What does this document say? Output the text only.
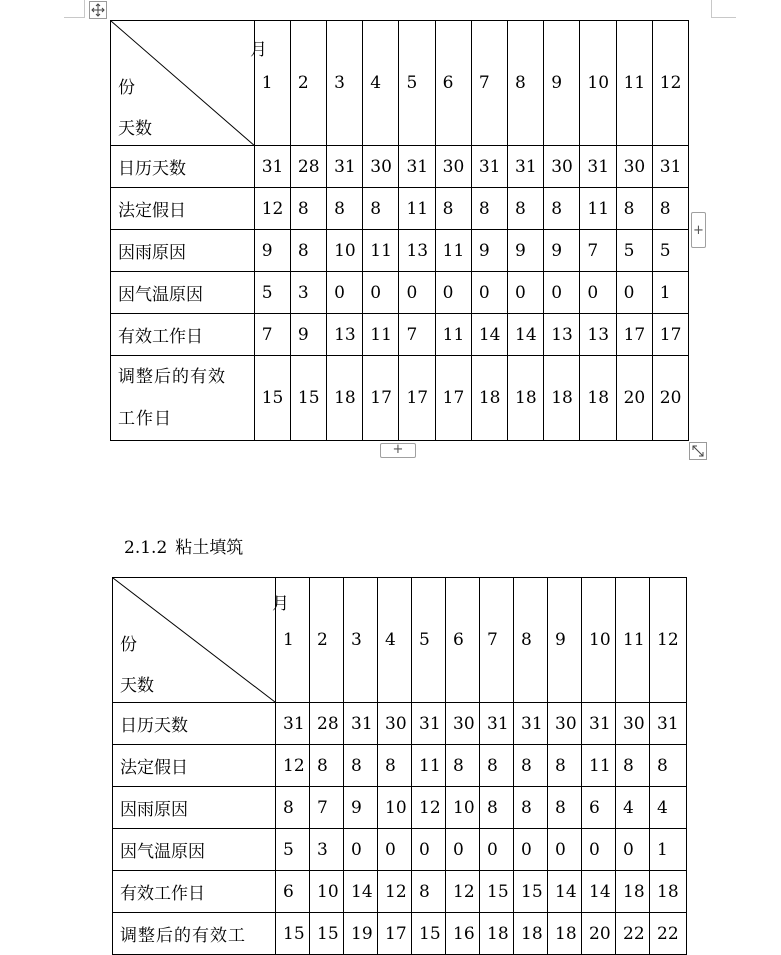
月
份
天数	1	2	3	4	5	6	7	8	9	10	11	12
日历天数	31	28	31	30	31	30	31	31	30	31	30	31
法定假日	12	8	8	8	11	8	8	8	8	11	8	8
因雨原因	9	8	10	11	13	11	9	9	9	7	5	5
因气温原因	5	3	0	0	0	0	0	0	0	0	0	1
有效工作日	7	9	13	11	7	11	14	14	13	13	17	17

调整后的有效
工作日	15	15	18	17	17	17	18	18	18	18	20	20
+
+
2.1.2 粘土填筑
月
份
天数	1	2	3	4	5	6	7	8	9	10	11	12
日历天数	31	28	31	30	31	30	31	31	30	31	30	31
法定假日	12	8	8	8	11	8	8	8	8	11	8	8
因雨原因	8	7	9	10	12	10	8	8	8	6	4	4
因气温原因	5	3	0	0	0	0	0	0	0	0	0	1
有效工作日	6	10	14	12	8	12	15	15	14	14	18	18
调整后的有效工	15	15	19	17	15	16	18	18	18	20	22	22
